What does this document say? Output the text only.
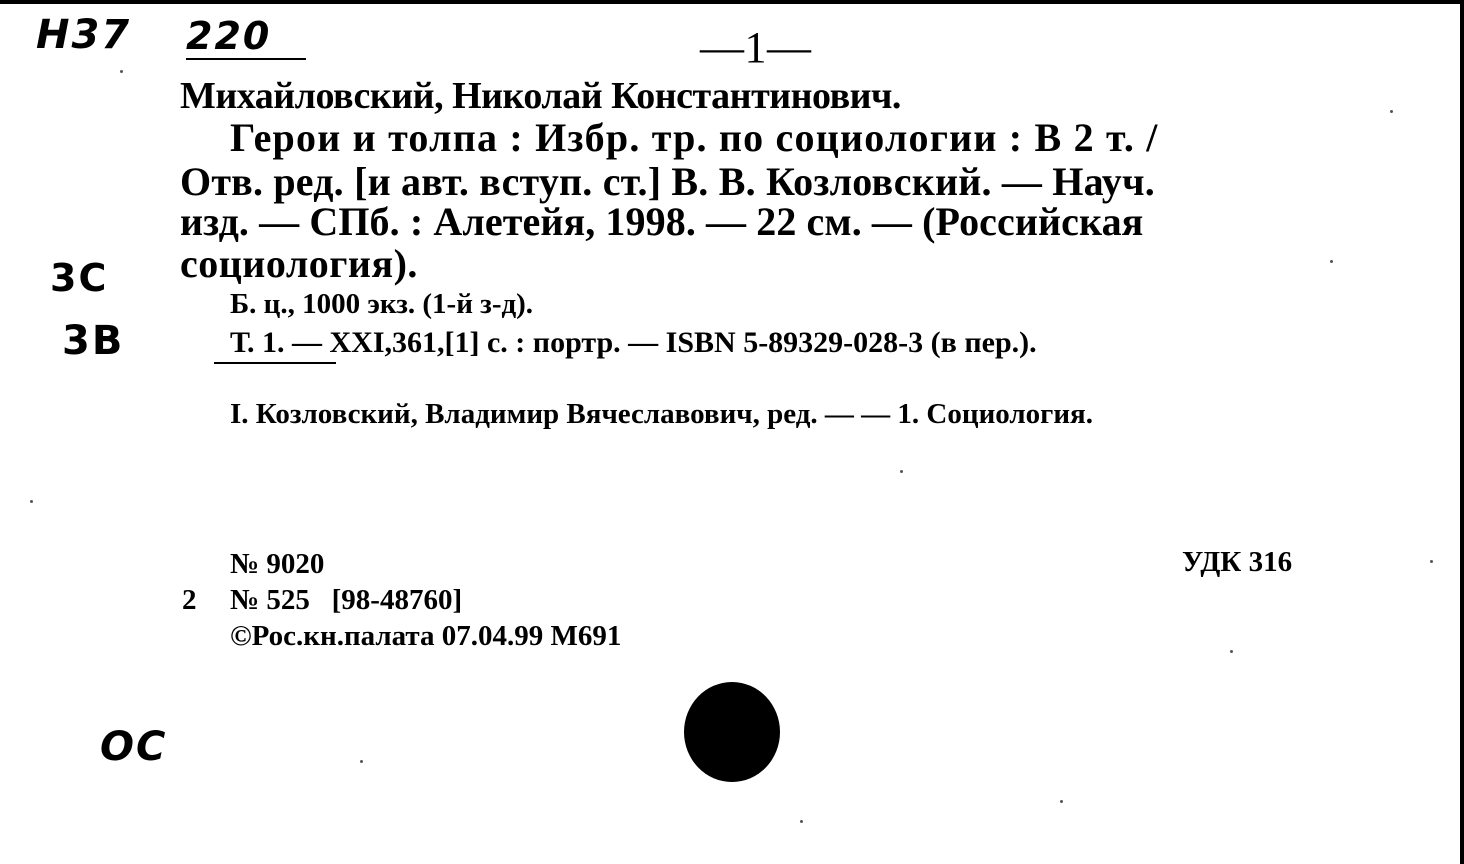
Н37 220
3С
3В
ОС
—1—
Михайловский, Николай Константинович.
Герои и толпа : Избр. тр. по социологии : В 2 т. /
Отв. ред. [и авт. вступ. ст.] В. В. Козловский. — Науч.
изд. — СПб. : Алетейя, 1998. — 22 см. — (Российская
социология).
Б. ц., 1000 экз. (1-й з-д).
Т. 1. — XXI,361,[1] с. : портр. — ISBN 5-89329-028-3 (в пер.).
I. Козловский, Владимир Вячеславович, ред. — — 1. Социология.
№ 9020	УДК 316
2 № 525   [98-48760]
©Рос.кн.палата 07.04.99 М691
